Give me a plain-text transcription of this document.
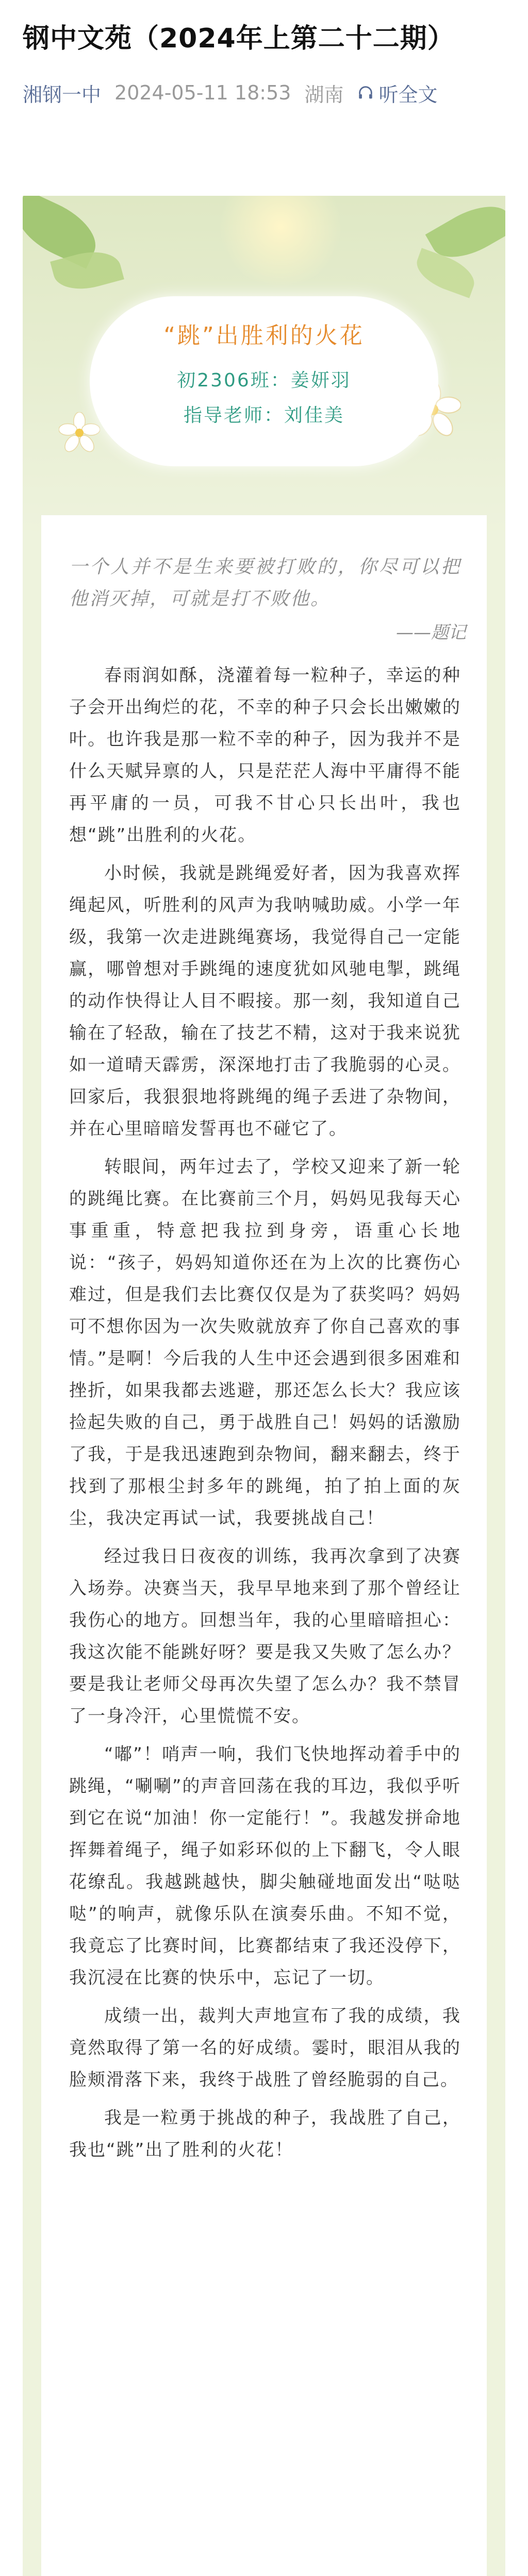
钢中文苑（2024年上第二十二期）
湘钢一中 2024-05-11 18:53 湖南 听全文
“跳”出胜利的火花
初2306班：姜妍羽
指导老师：刘佳美
一个人并不是生来要被打败的，你尽可以把他消灭掉，可就是打不败他。
——题记

春雨润如酥，浇灌着每一粒种子，幸运的种子会开出绚烂的花，不幸的种子只会长出嫩嫩的叶。也许我是那一粒不幸的种子，因为我并不是什么天赋异禀的人，只是茫茫人海中平庸得不能再平庸的一员，可我不甘心只长出叶，我也想“跳”出胜利的火花。

小时候，我就是跳绳爱好者，因为我喜欢挥绳起风，听胜利的风声为我呐喊助威。小学一年级，我第一次走进跳绳赛场，我觉得自己一定能赢，哪曾想对手跳绳的速度犹如风驰电掣，跳绳的动作快得让人目不暇接。那一刻，我知道自己输在了轻敌，输在了技艺不精，这对于我来说犹如一道晴天霹雳，深深地打击了我脆弱的心灵。回家后，我狠狠地将跳绳的绳子丢进了杂物间，并在心里暗暗发誓再也不碰它了。

转眼间，两年过去了，学校又迎来了新一轮的跳绳比赛。在比赛前三个月，妈妈见我每天心事重重，特意把我拉到身旁，语重心长地说：“孩子，妈妈知道你还在为上次的比赛伤心难过，但是我们去比赛仅仅是为了获奖吗？妈妈可不想你因为一次失败就放弃了你自己喜欢的事情。”是啊！今后我的人生中还会遇到很多困难和挫折，如果我都去逃避，那还怎么长大？我应该捡起失败的自己，勇于战胜自己！妈妈的话激励了我，于是我迅速跑到杂物间，翻来翻去，终于找到了那根尘封多年的跳绳，拍了拍上面的灰尘，我决定再试一试，我要挑战自己！

经过我日日夜夜的训练，我再次拿到了决赛入场券。决赛当天，我早早地来到了那个曾经让我伤心的地方。回想当年，我的心里暗暗担心：我这次能不能跳好呀？要是我又失败了怎么办？要是我让老师父母再次失望了怎么办？我不禁冒了一身冷汗，心里慌慌不安。

“嘟”！哨声一响，我们飞快地挥动着手中的跳绳，“唰唰”的声音回荡在我的耳边，我似乎听到它在说“加油！你一定能行！”。我越发拼命地挥舞着绳子，绳子如彩环似的上下翻飞，令人眼花缭乱。我越跳越快，脚尖触碰地面发出“哒哒哒”的响声，就像乐队在演奏乐曲。不知不觉，我竟忘了比赛时间，比赛都结束了我还没停下，我沉浸在比赛的快乐中，忘记了一切。

成绩一出，裁判大声地宣布了我的成绩，我竟然取得了第一名的好成绩。霎时，眼泪从我的脸颊滑落下来，我终于战胜了曾经脆弱的自己。

我是一粒勇于挑战的种子，我战胜了自己，我也“跳”出了胜利的火花！
